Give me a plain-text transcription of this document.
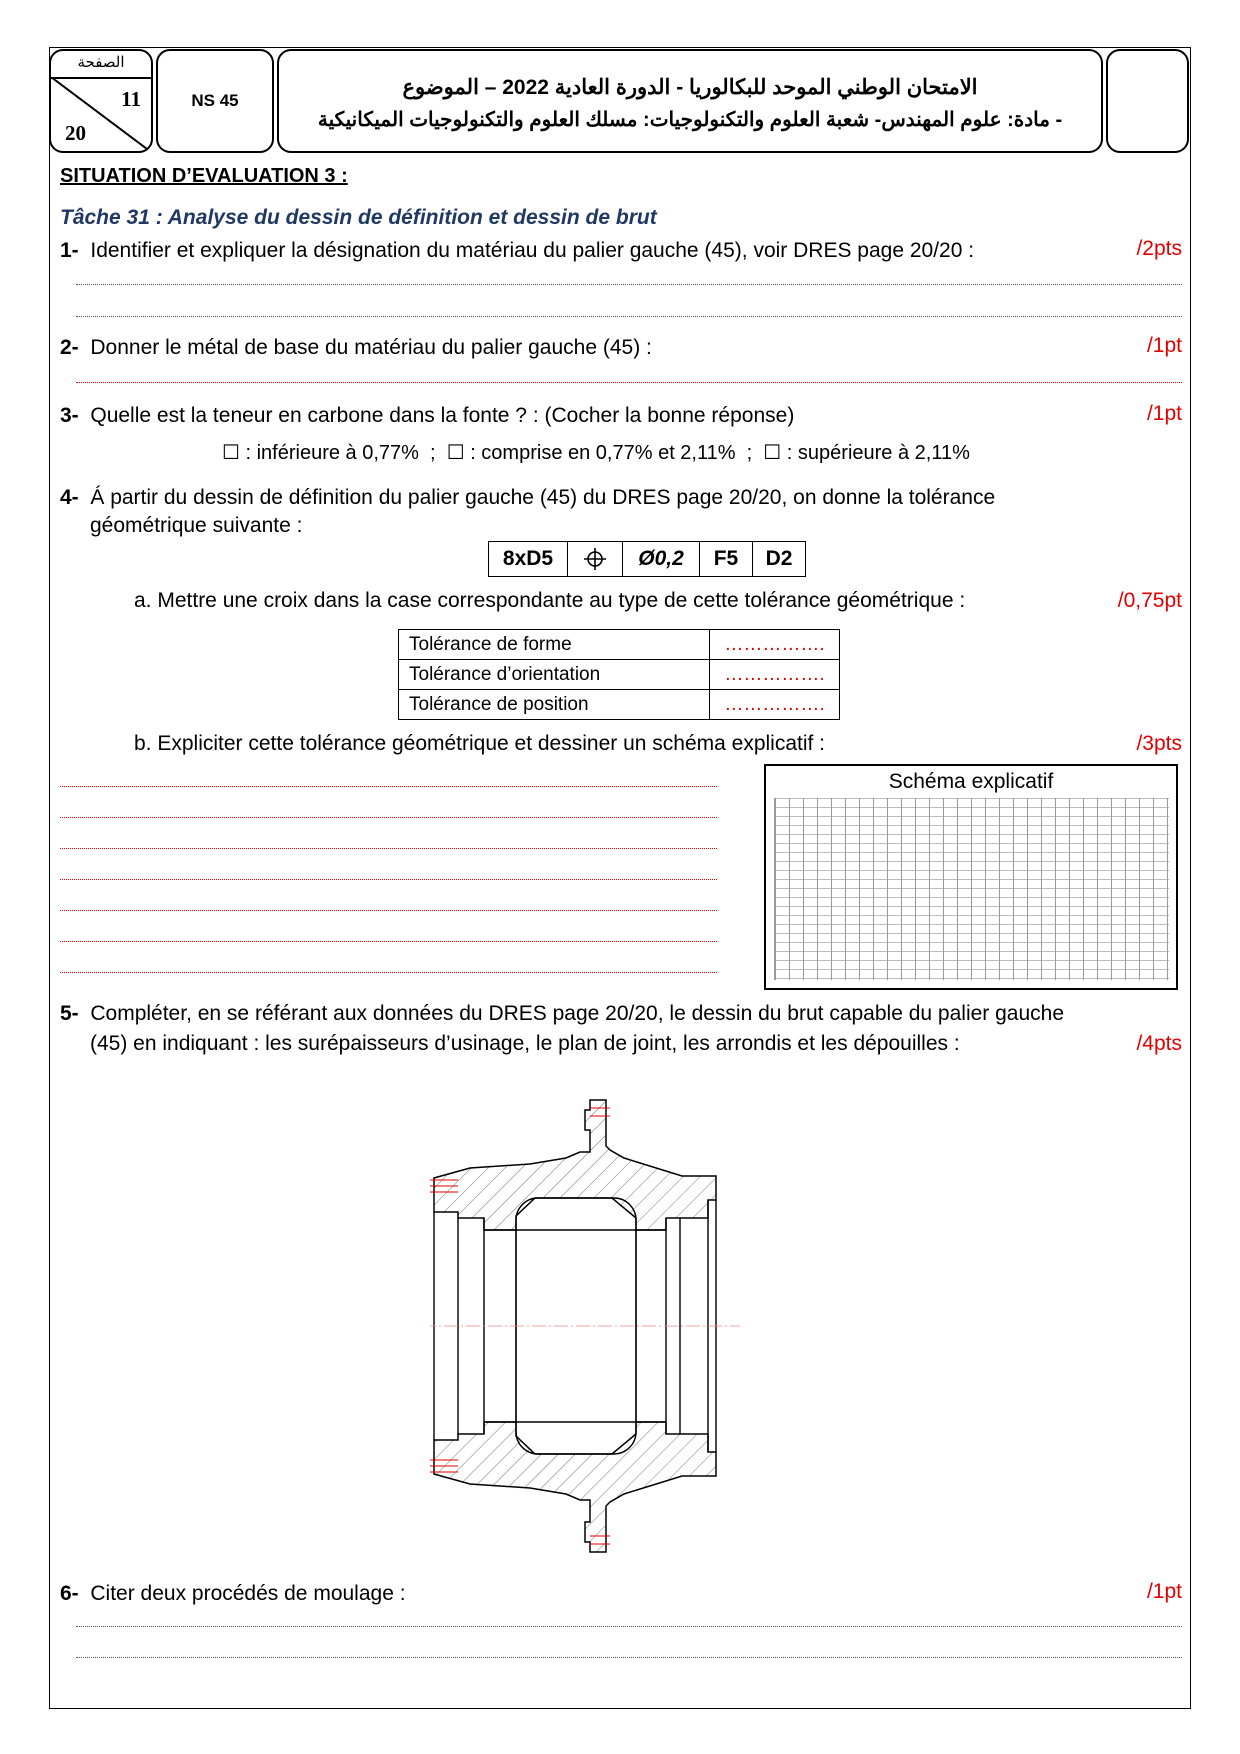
الصفحة
11
20
NS 45
الامتحان الوطني الموحد للبكالوريا - الدورة العادية 2022 – الموضوع
- مادة: علوم المهندس- شعبة العلوم والتكنولوجيات: مسلك العلوم والتكنولوجيات الميكانيكية
SITUATION D’EVALUATION 3 :
Tâche 31 : Analyse du dessin de définition et dessin de brut
1- Identifier et expliquer la désignation du matériau du palier gauche (45), voir DRES page 20/20 :	/2pts
2- Donner le métal de base du matériau du palier gauche (45) :	/1pt
3- Quelle est la teneur en carbone dans la fonte ? : (Cocher la bonne réponse)	/1pt
☐ : inférieure à 0,77%  ;  ☐ : comprise en 0,77% et 2,11%  ;  ☐ : supérieure à 2,11%
4- Á partir du dessin de définition du palier gauche (45) du DRES page 20/20, on donne la tolérance
géométrique suivante :
8xD5	Ø0,2	F5	D2
a. Mettre une croix dans la case correspondante au type de cette tolérance géométrique :	/0,75pt
Tolérance de forme	…………….
Tolérance d’orientation	…………….
Tolérance de position	…………….
b. Expliciter cette tolérance géométrique et dessiner un schéma explicatif :	/3pts
Schéma explicatif
5- Compléter, en se référant aux données du DRES page 20/20, le dessin du brut capable du palier gauche
(45) en indiquant : les surépaisseurs d’usinage, le plan de joint, les arrondis et les dépouilles :	/4pts
6- Citer deux procédés de moulage :	/1pt
